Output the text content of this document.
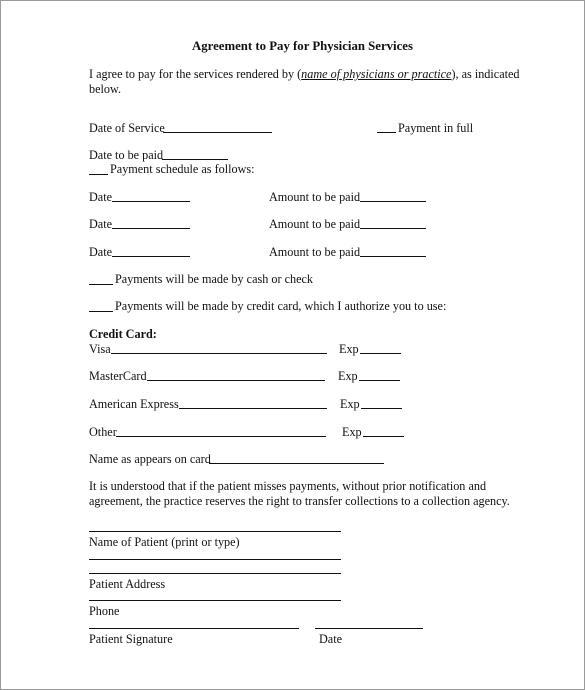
Agreement to Pay for Physician Services
I agree to pay for the services rendered by (name of physicians or practice), as indicated
below.
Date of Service	Payment in full
Date to be paid
Payment schedule as follows:
Date	Amount to be paid
Date	Amount to be paid
Date	Amount to be paid
Payments will be made by cash or check
Payments will be made by credit card, which I authorize you to use:
Credit Card:
Visa	Exp
MasterCard	Exp
American Express	Exp
Other	Exp
Name as appears on card
It is understood that if the patient misses payments, without prior notification and
agreement, the practice reserves the right to transfer collections to a collection agency.
Name of Patient (print or type)
Patient Address
Phone
Patient Signature	Date
